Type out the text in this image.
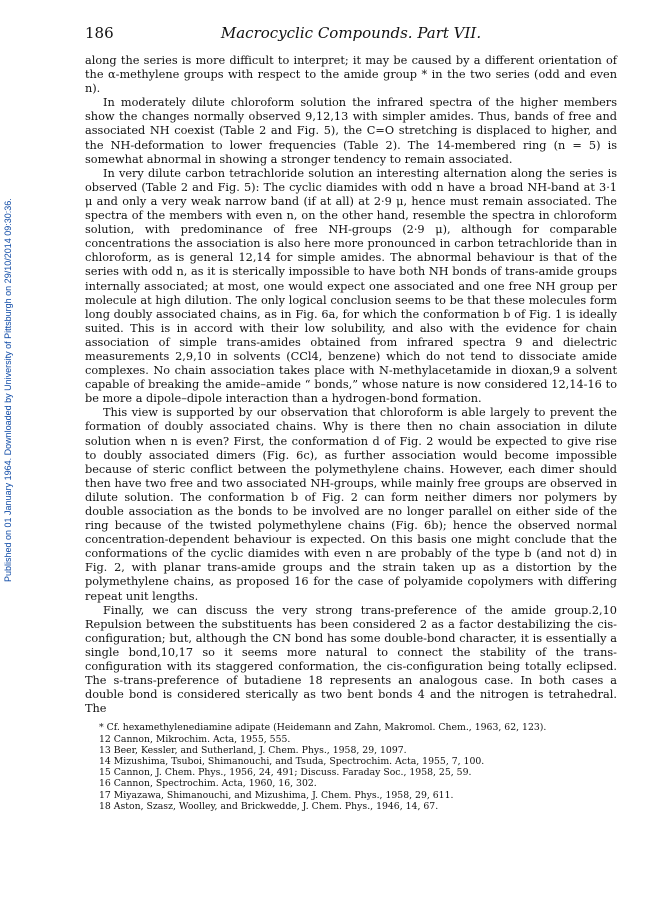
Published on 01 January 1964. Downloaded by University of Pittsburgh on 29/10/2014 09:30:36.
186	Macrocyclic Compounds. Part VII.

along the series is more difficult to interpret; it may be caused by a different orientation of the α-methylene groups with respect to the amide group * in the two series (odd and even n).

In moderately dilute chloroform solution the infrared spectra of the higher members show the changes normally observed 9,12,13 with simpler amides. Thus, bands of free and associated NH coexist (Table 2 and Fig. 5), the C=O stretching is displaced to higher, and the NH-deformation to lower frequencies (Table 2). The 14-membered ring (n = 5) is somewhat abnormal in showing a stronger tendency to remain associated.

In very dilute carbon tetrachloride solution an interesting alternation along the series is observed (Table 2 and Fig. 5): The cyclic diamides with odd n have a broad NH-band at 3·1 μ and only a very weak narrow band (if at all) at 2·9 μ, hence must remain associated. The spectra of the members with even n, on the other hand, resemble the spectra in chloroform solution, with predominance of free NH-groups (2·9 μ), although for comparable concentrations the association is also here more pronounced in carbon tetrachloride than in chloroform, as is general 12,14 for simple amides. The abnormal behaviour is that of the series with odd n, as it is sterically impossible to have both NH bonds of trans-amide groups internally associated; at most, one would expect one associated and one free NH group per molecule at high dilution. The only logical conclusion seems to be that these molecules form long doubly associated chains, as in Fig. 6a, for which the conformation b of Fig. 1 is ideally suited. This is in accord with their low solubility, and also with the evidence for chain association of simple trans-amides obtained from infrared spectra 9 and dielectric measurements 2,9,10 in solvents (CCl4, benzene) which do not tend to dissociate amide complexes. No chain association takes place with N-methylacetamide in dioxan,9 a solvent capable of breaking the amide–amide “ bonds,” whose nature is now considered 12,14-16 to be more a dipole–dipole interaction than a hydrogen-bond formation.

This view is supported by our observation that chloroform is able largely to prevent the formation of doubly associated chains. Why is there then no chain association in dilute solution when n is even? First, the conformation d of Fig. 2 would be expected to give rise to doubly associated dimers (Fig. 6c), as further association would become impossible because of steric conflict between the polymethylene chains. However, each dimer should then have two free and two associated NH-groups, while mainly free groups are observed in dilute solution. The conformation b of Fig. 2 can form neither dimers nor polymers by double association as the bonds to be involved are no longer parallel on either side of the ring because of the twisted polymethylene chains (Fig. 6b); hence the observed normal concentration-dependent behaviour is expected. On this basis one might conclude that the conformations of the cyclic diamides with even n are probably of the type b (and not d) in Fig. 2, with planar trans-amide groups and the strain taken up as a distortion by the polymethylene chains, as proposed 16 for the case of polyamide copolymers with differing repeat unit lengths.

Finally, we can discuss the very strong trans-preference of the amide group.2,10 Repulsion between the substituents has been considered 2 as a factor destabilizing the cis-configuration; but, although the CN bond has some double-bond character, it is essentially a single bond,10,17 so it seems more natural to connect the stability of the trans-configuration with its staggered conformation, the cis-configuration being totally eclipsed. The s-trans-preference of butadiene 18 represents an analogous case. In both cases a double bond is considered sterically as two bent bonds 4 and the nitrogen is tetrahedral. The

* Cf. hexamethylenediamine adipate (Heidemann and Zahn, Makromol. Chem., 1963, 62, 123).

12 Cannon, Mikrochim. Acta, 1955, 555.

13 Beer, Kessler, and Sutherland, J. Chem. Phys., 1958, 29, 1097.

14 Mizushima, Tsuboi, Shimanouchi, and Tsuda, Spectrochim. Acta, 1955, 7, 100.

15 Cannon, J. Chem. Phys., 1956, 24, 491; Discuss. Faraday Soc., 1958, 25, 59.

16 Cannon, Spectrochim. Acta, 1960, 16, 302.

17 Miyazawa, Shimanouchi, and Mizushima, J. Chem. Phys., 1958, 29, 611.

18 Aston, Szasz, Woolley, and Brickwedde, J. Chem. Phys., 1946, 14, 67.
